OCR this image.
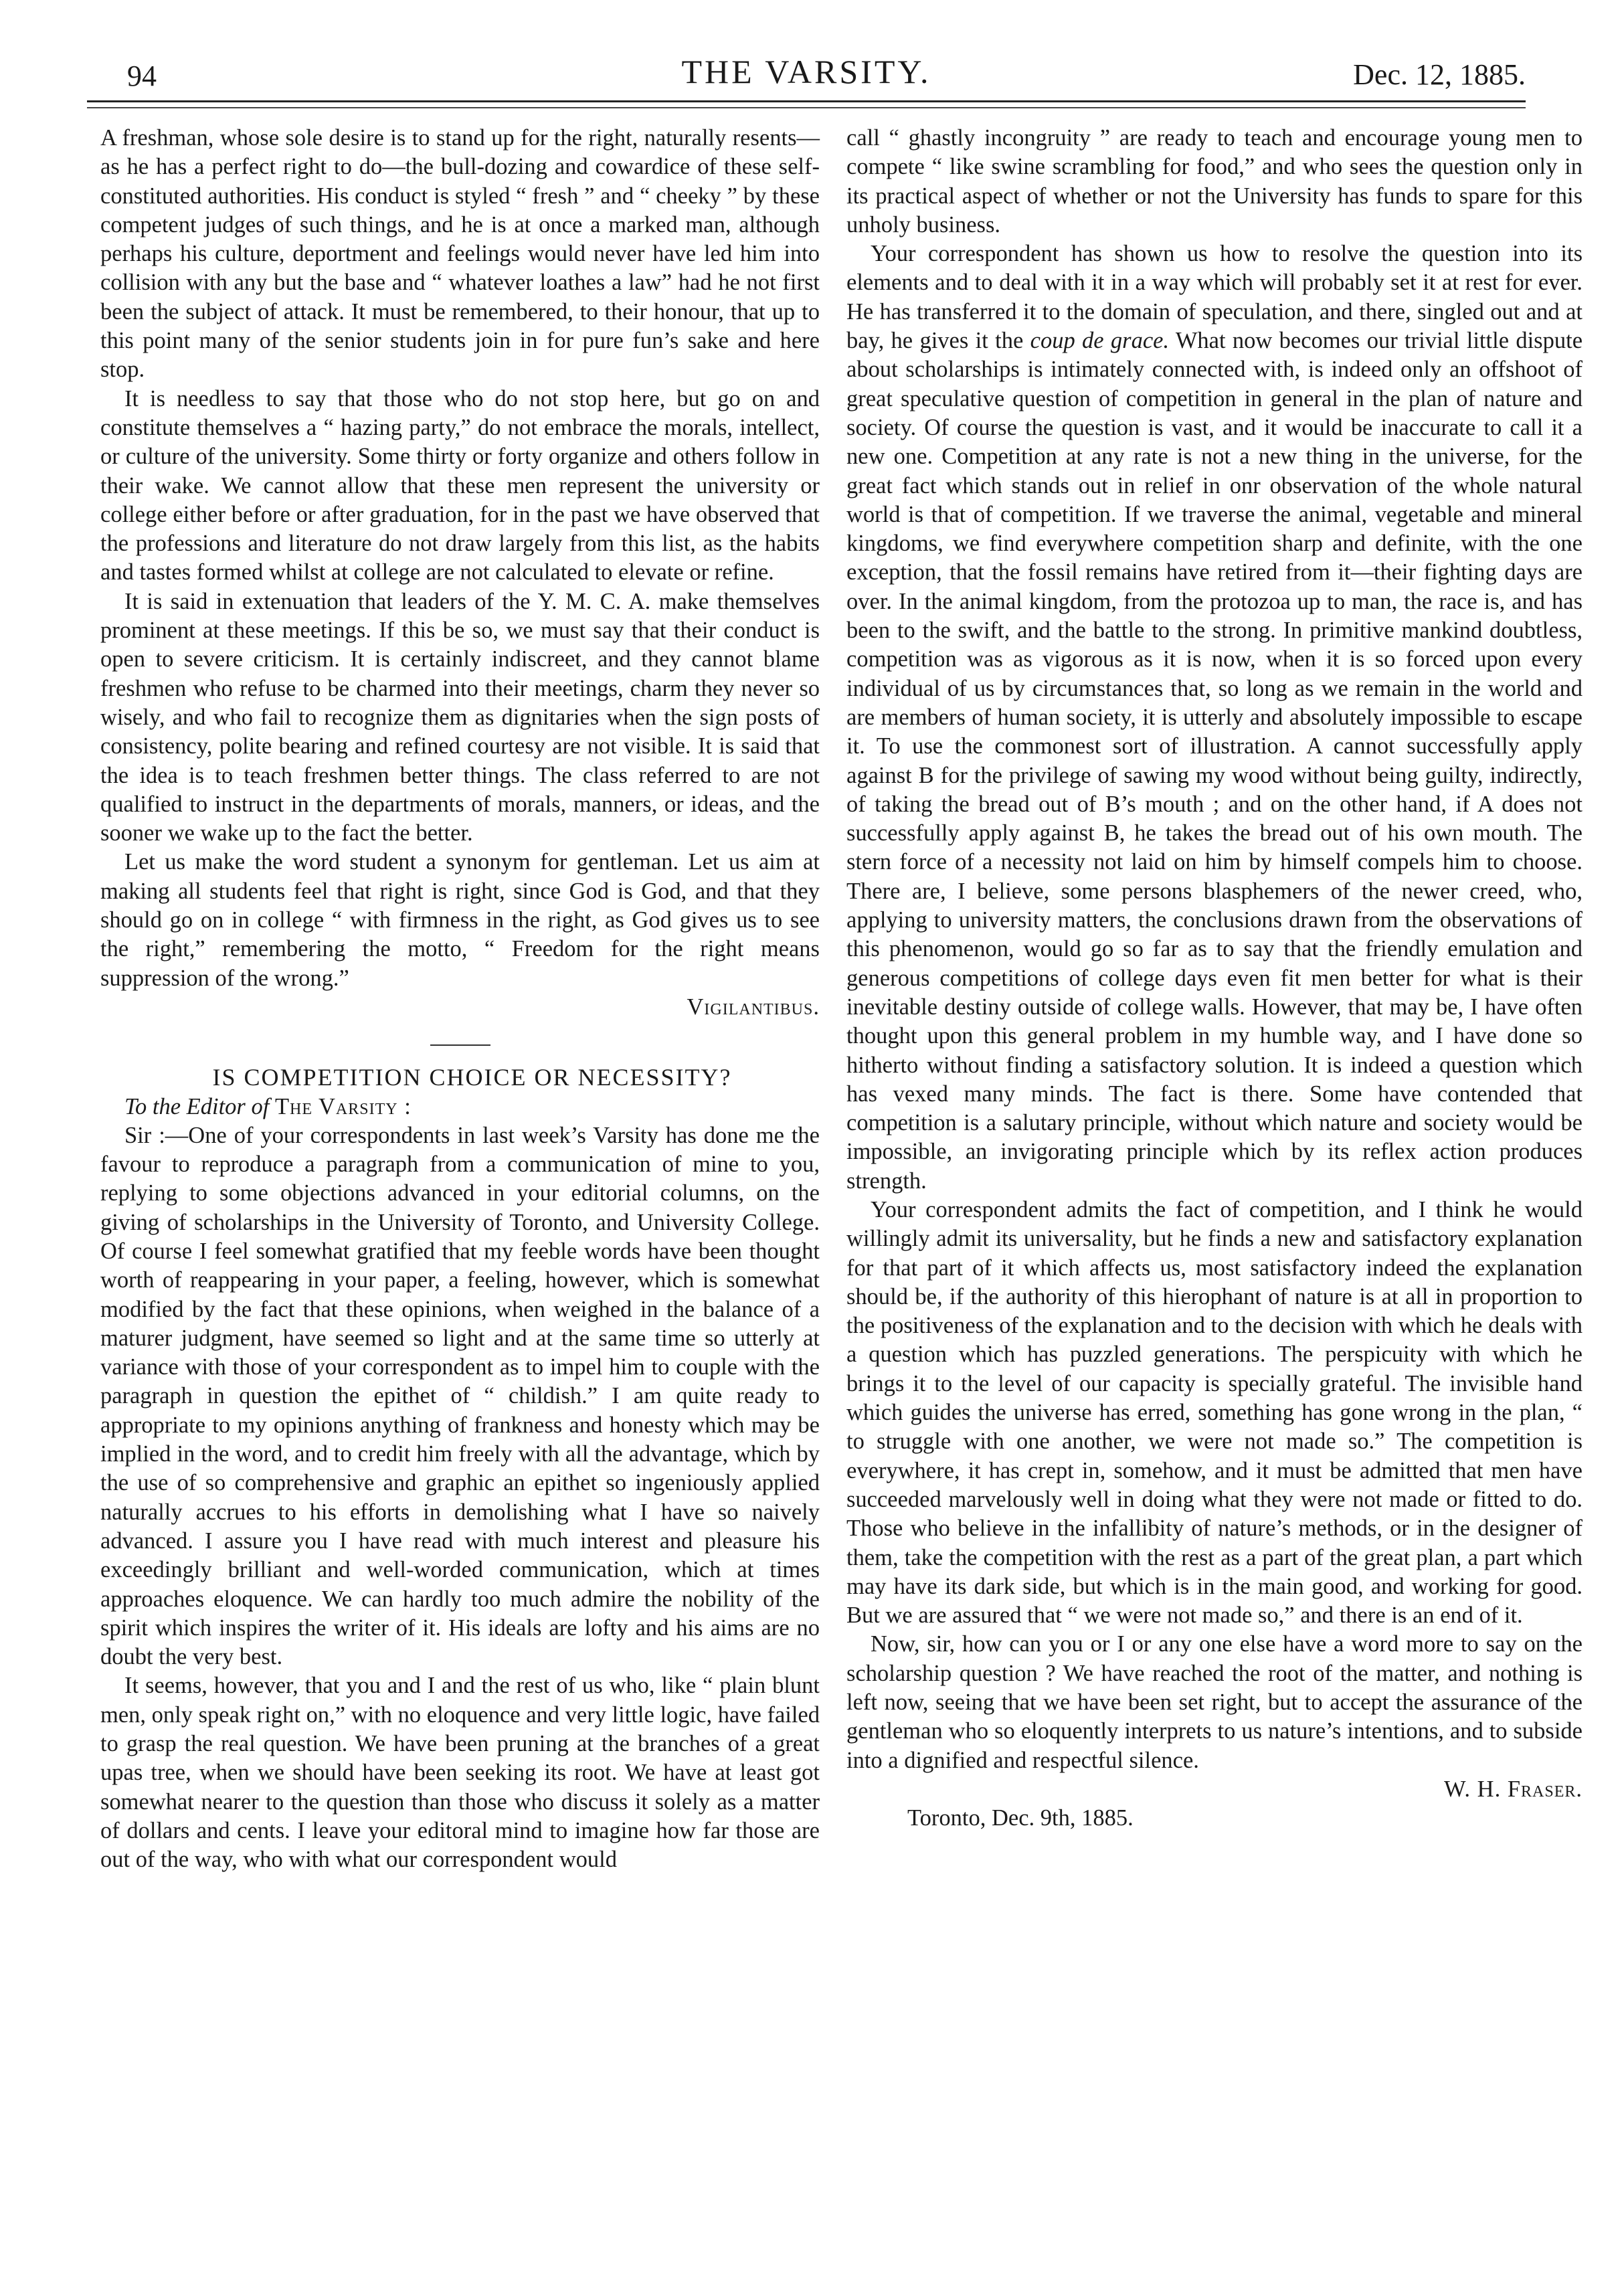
94	THE VARSITY.	Dec. 12, 1885.

A freshman, whose sole desire is to stand up for the right, naturally resents—as he has a perfect right to do—the bull-dozing and cowardice of these self-constituted authorities. His conduct is styled “ fresh ” and “ cheeky ” by these competent judges of such things, and he is at once a marked man, although perhaps his culture, deportment and feelings would never have led him into collision with any but the base and “ whatever loathes a law” had he not first been the subject of attack. It must be remembered, to their honour, that up to this point many of the senior students join in for pure fun’s sake and here stop.

It is needless to say that those who do not stop here, but go on and constitute themselves a “ hazing party,” do not embrace the morals, intellect, or culture of the university. Some thirty or forty organize and others follow in their wake. We cannot allow that these men represent the university or college either before or after graduation, for in the past we have observed that the professions and literature do not draw largely from this list, as the habits and tastes formed whilst at college are not calculated to elevate or refine.

It is said in extenuation that leaders of the Y. M. C. A. make themselves prominent at these meetings. If this be so, we must say that their conduct is open to severe criticism. It is certainly indiscreet, and they cannot blame freshmen who refuse to be charmed into their meetings, charm they never so wisely, and who fail to recognize them as dignitaries when the sign posts of consistency, polite bearing and refined courtesy are not visible. It is said that the idea is to teach freshmen better things. The class referred to are not qualified to instruct in the departments of morals, manners, or ideas, and the sooner we wake up to the fact the better.

Let us make the word student a synonym for gentleman. Let us aim at making all students feel that right is right, since God is God, and that they should go on in college “ with firmness in the right, as God gives us to see the right,” remembering the motto, “ Freedom for the right means suppression of the wrong.”

Vigilantibus.

IS COMPETITION CHOICE OR NECESSITY?

To the Editor of The Varsity :

Sir :—One of your correspondents in last week’s Varsity has done me the favour to reproduce a paragraph from a communication of mine to you, replying to some objections advanced in your editorial columns, on the giving of scholarships in the University of Toronto, and University College. Of course I feel somewhat gratified that my feeble words have been thought worth of reappearing in your paper, a feeling, however, which is somewhat modified by the fact that these opinions, when weighed in the balance of a maturer judgment, have seemed so light and at the same time so utterly at variance with those of your correspondent as to impel him to couple with the paragraph in question the epithet of “ childish.” I am quite ready to appropriate to my opinions anything of frankness and honesty which may be implied in the word, and to credit him freely with all the advantage, which by the use of so comprehensive and graphic an epithet so ingeniously applied naturally accrues to his efforts in demolishing what I have so naively advanced. I assure you I have read with much interest and pleasure his exceedingly brilliant and well-worded communication, which at times approaches eloquence. We can hardly too much admire the nobility of the spirit which inspires the writer of it. His ideals are lofty and his aims are no doubt the very best.

It seems, however, that you and I and the rest of us who, like “ plain blunt men, only speak right on,” with no eloquence and very little logic, have failed to grasp the real question. We have been pruning at the branches of a great upas tree, when we should have been seeking its root. We have at least got somewhat nearer to the question than those who discuss it solely as a matter of dollars and cents. I leave your editoral mind to imagine how far those are out of the way, who with what our correspondent would

call “ ghastly incongruity ” are ready to teach and encourage young men to compete “ like swine scrambling for food,” and who sees the question only in its practical aspect of whether or not the University has funds to spare for this unholy business.

Your correspondent has shown us how to resolve the question into its elements and to deal with it in a way which will probably set it at rest for ever. He has transferred it to the domain of speculation, and there, singled out and at bay, he gives it the coup de grace. What now becomes our trivial little dispute about scholarships is intimately connected with, is indeed only an offshoot of great speculative question of competition in general in the plan of nature and society. Of course the question is vast, and it would be inaccurate to call it a new one. Competition at any rate is not a new thing in the universe, for the great fact which stands out in relief in onr observation of the whole natural world is that of competition. If we traverse the animal, vegetable and mineral kingdoms, we find everywhere competition sharp and definite, with the one exception, that the fossil remains have retired from it—their fighting days are over. In the animal kingdom, from the protozoa up to man, the race is, and has been to the swift, and the battle to the strong. In primitive mankind doubtless, competition was as vigorous as it is now, when it is so forced upon every individual of us by circumstances that, so long as we remain in the world and are members of human society, it is utterly and absolutely impossible to escape it. To use the commonest sort of illustration. A cannot successfully apply against B for the privilege of sawing my wood without being guilty, indirectly, of taking the bread out of B’s mouth ; and on the other hand, if A does not successfully apply against B, he takes the bread out of his own mouth. The stern force of a necessity not laid on him by himself compels him to choose. There are, I believe, some persons blasphemers of the newer creed, who, applying to university matters, the conclusions drawn from the observations of this phenomenon, would go so far as to say that the friendly emulation and generous competitions of college days even fit men better for what is their inevitable destiny outside of college walls. However, that may be, I have often thought upon this general problem in my humble way, and I have done so hitherto without finding a satisfactory solution. It is indeed a question which has vexed many minds. The fact is there. Some have contended that competition is a salutary principle, without which nature and society would be impossible, an invigorating principle which by its reflex action produces strength.

Your correspondent admits the fact of competition, and I think he would willingly admit its universality, but he finds a new and satisfactory explanation for that part of it which affects us, most satisfactory indeed the explanation should be, if the authority of this hierophant of nature is at all in proportion to the positiveness of the explanation and to the decision with which he deals with a question which has puzzled generations. The perspicuity with which he brings it to the level of our capacity is specially grateful. The invisible hand which guides the universe has erred, something has gone wrong in the plan, “ to struggle with one another, we were not made so.” The competition is everywhere, it has crept in, somehow, and it must be admitted that men have succeeded marvelously well in doing what they were not made or fitted to do. Those who believe in the infallibity of nature’s methods, or in the designer of them, take the competition with the rest as a part of the great plan, a part which may have its dark side, but which is in the main good, and working for good. But we are assured that “ we were not made so,” and there is an end of it.

Now, sir, how can you or I or any one else have a word more to say on the scholarship question ? We have reached the root of the matter, and nothing is left now, seeing that we have been set right, but to accept the assurance of the gentleman who so eloquently interprets to us nature’s intentions, and to subside into a dignified and respectful silence.

W. H. Fraser.

Toronto, Dec. 9th, 1885.
